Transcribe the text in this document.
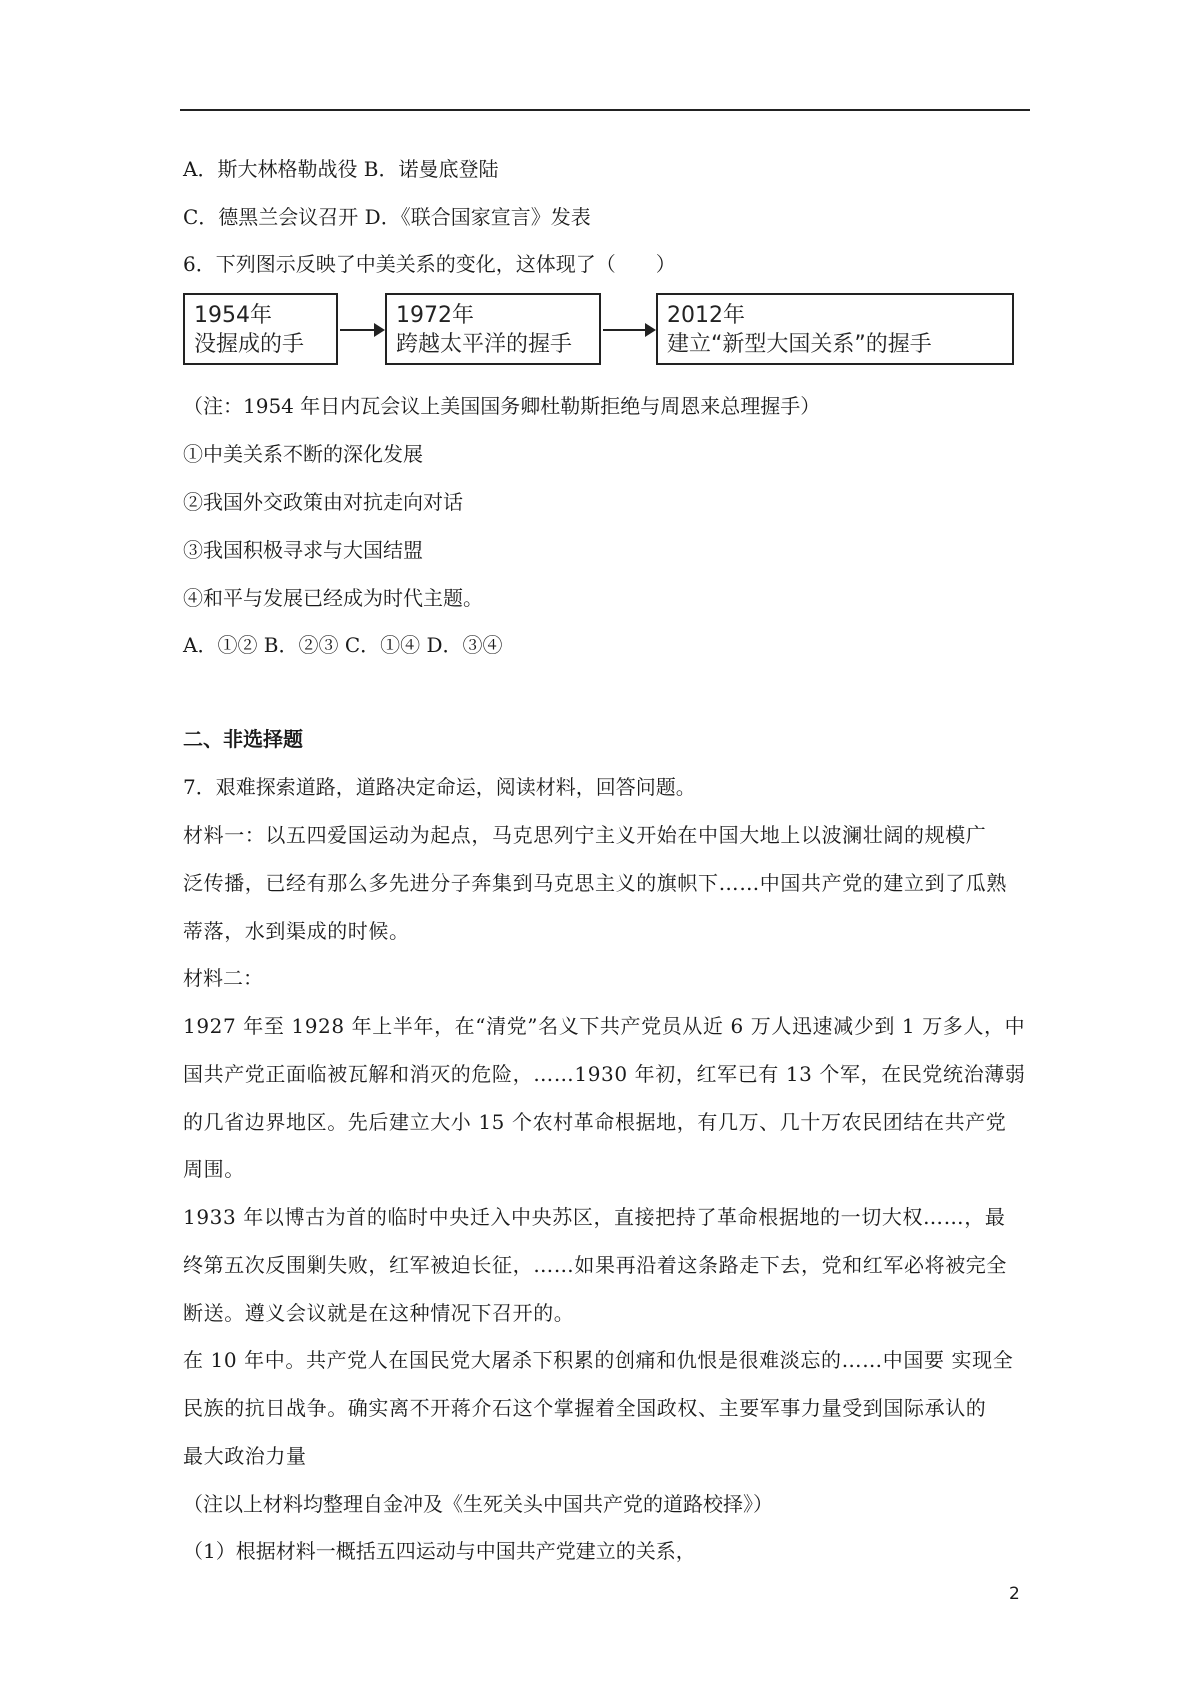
A．斯大林格勒战役 B．诺曼底登陆
C．德黑兰会议召开 D．《联合国家宣言》发表
6．下列图示反映了中美关系的变化，这体现了（　　）
1954年
没握成的手
1972年
跨越太平洋的握手
2012年
建立“新型大国关系”的握手
（注：1954 年日内瓦会议上美国国务卿杜勒斯拒绝与周恩来总理握手）
①中美关系不断的深化发展
②我国外交政策由对抗走向对话
③我国积极寻求与大国结盟
④和平与发展已经成为时代主题。
A．①② B．②③ C．①④ D．③④
二、非选择题
7．艰难探索道路，道路决定命运，阅读材料，回答问题。
材料一：以五四爱国运动为起点，马克思列宁主义开始在中国大地上以波澜壮阔的规模广
泛传播，已经有那么多先进分子奔集到马克思主义的旗帜下……中国共产党的建立到了瓜熟
蒂落，水到渠成的时候。
材料二：
1927 年至 1928 年上半年，在“清党”名义下共产党员从近 6 万人迅速减少到 1 万多人，中
国共产党正面临被瓦解和消灭的危险，……1930 年初，红军已有 13 个军，在民党统治薄弱
的几省边界地区。先后建立大小 15 个农村革命根据地，有几万、几十万农民团结在共产党
周围。
1933 年以博古为首的临时中央迁入中央苏区，直接把持了革命根据地的一切大权……，最
终第五次反围剿失败，红军被迫长征，……如果再沿着这条路走下去，党和红军必将被完全
断送。遵义会议就是在这种情况下召开的。
在 10 年中。共产党人在国民党大屠杀下积累的创痛和仇恨是很难淡忘的……中国要 实现全
民族的抗日战争。确实离不开蒋介石这个掌握着全国政权、主要军事力量受到国际承认的
最大政治力量
（注以上材料均整理自金冲及《生死关头中国共产党的道路校择》）
（1）根据材料一概括五四运动与中国共产党建立的关系，
2
